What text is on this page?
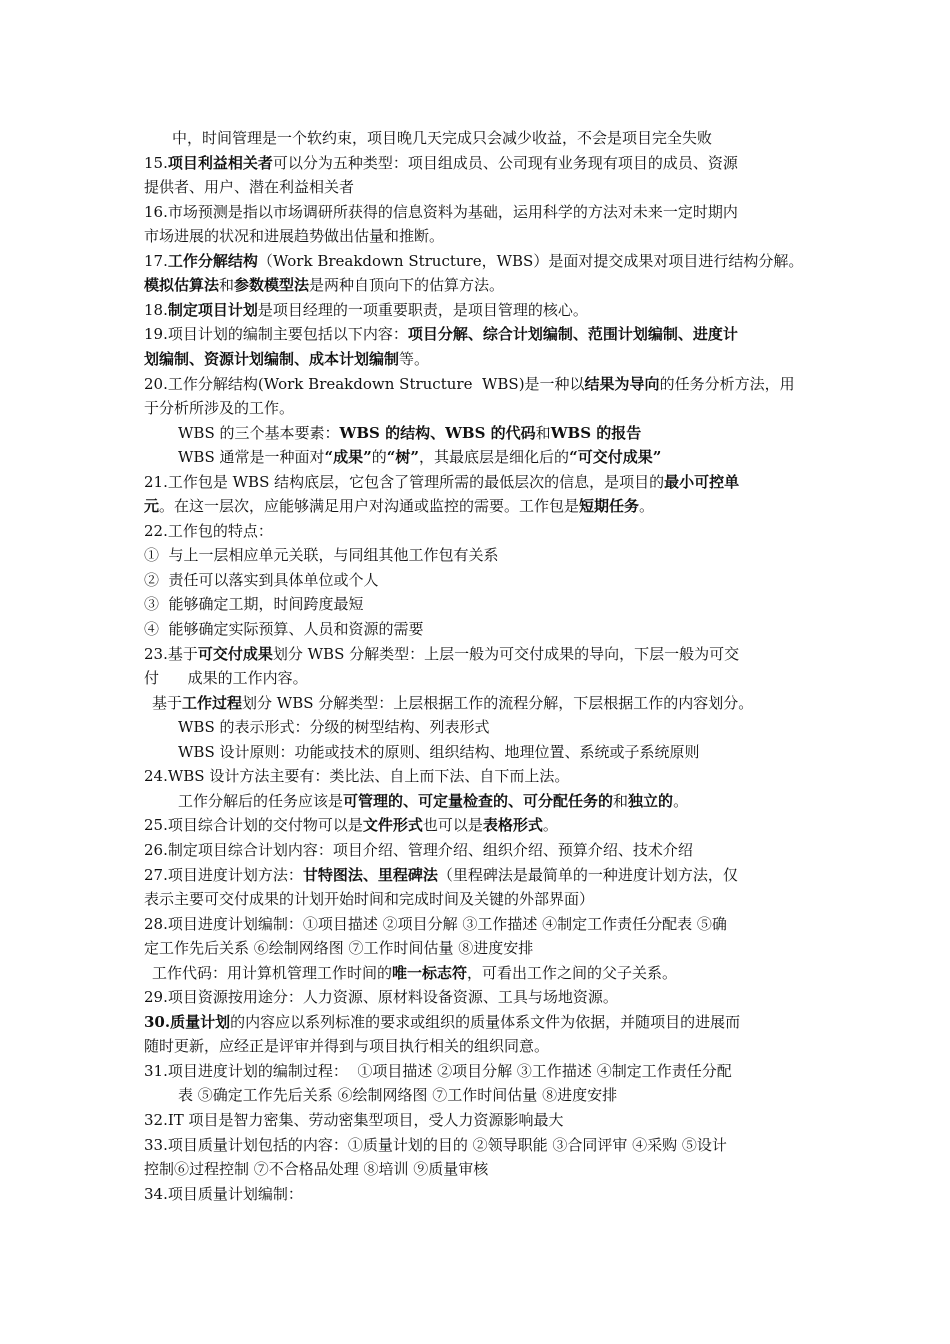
中，时间管理是一个软约束，项目晚几天完成只会减少收益，不会是项目完全失败
15.项目利益相关者可以分为五种类型：项目组成员、公司现有业务现有项目的成员、资源
提供者、用户、潜在利益相关者
16.市场预测是指以市场调研所获得的信息资料为基础，运用科学的方法对未来一定时期内
市场进展的状况和进展趋势做出估量和推断。
17.工作分解结构（Work Breakdown Structure，WBS）是面对提交成果对项目进行结构分解。
模拟估算法和参数模型法是两种自顶向下的估算方法。
18.制定项目计划是项目经理的一项重要职责，是项目管理的核心。
19.项目计划的编制主要包括以下内容：项目分解、综合计划编制、范围计划编制、进度计
划编制、资源计划编制、成本计划编制等。
20.工作分解结构(Work Breakdown Structure  WBS)是一种以结果为导向的任务分析方法，用
于分析所涉及的工作。
WBS 的三个基本要素：WBS 的结构、WBS 的代码和WBS 的报告
WBS 通常是一种面对“成果”的“树”，其最底层是细化后的“可交付成果”
21.工作包是 WBS 结构底层，它包含了管理所需的最低层次的信息，是项目的最小可控单
元。在这一层次，应能够满足用户对沟通或监控的需要。工作包是短期任务。
22.工作包的特点：
①  与上一层相应单元关联，与同组其他工作包有关系
②  责任可以落实到具体单位或个人
③  能够确定工期，时间跨度最短
④  能够确定实际预算、人员和资源的需要
23.基于可交付成果划分 WBS 分解类型：上层一般为可交付成果的导向，下层一般为可交
付      成果的工作内容。
基于工作过程划分 WBS 分解类型：上层根据工作的流程分解，下层根据工作的内容划分。
WBS 的表示形式：分级的树型结构、列表形式
WBS 设计原则：功能或技术的原则、组织结构、地理位置、系统或子系统原则
24.WBS 设计方法主要有：类比法、自上而下法、自下而上法。
工作分解后的任务应该是可管理的、可定量检查的、可分配任务的和独立的。
25.项目综合计划的交付物可以是文件形式也可以是表格形式。
26.制定项目综合计划内容：项目介绍、管理介绍、组织介绍、预算介绍、技术介绍
27.项目进度计划方法：甘特图法、里程碑法（里程碑法是最简单的一种进度计划方法，仅
表示主要可交付成果的计划开始时间和完成时间及关键的外部界面）
28.项目进度计划编制：①项目描述 ②项目分解 ③工作描述 ④制定工作责任分配表 ⑤确
定工作先后关系 ⑥绘制网络图 ⑦工作时间估量 ⑧进度安排
工作代码：用计算机管理工作时间的唯一标志符，可看出工作之间的父子关系。
29.项目资源按用途分：人力资源、原材料设备资源、工具与场地资源。
30.质量计划的内容应以系列标准的要求或组织的质量体系文件为依据，并随项目的进展而
随时更新，应经正是评审并得到与项目执行相关的组织同意。
31.项目进度计划的编制过程：  ①项目描述 ②项目分解 ③工作描述 ④制定工作责任分配
表 ⑤确定工作先后关系 ⑥绘制网络图 ⑦工作时间估量 ⑧进度安排
32.IT 项目是智力密集、劳动密集型项目，受人力资源影响最大
33.项目质量计划包括的内容：①质量计划的目的 ②领导职能 ③合同评审 ④采购 ⑤设计
控制⑥过程控制 ⑦不合格品处理 ⑧培训 ⑨质量审核
34.项目质量计划编制：
